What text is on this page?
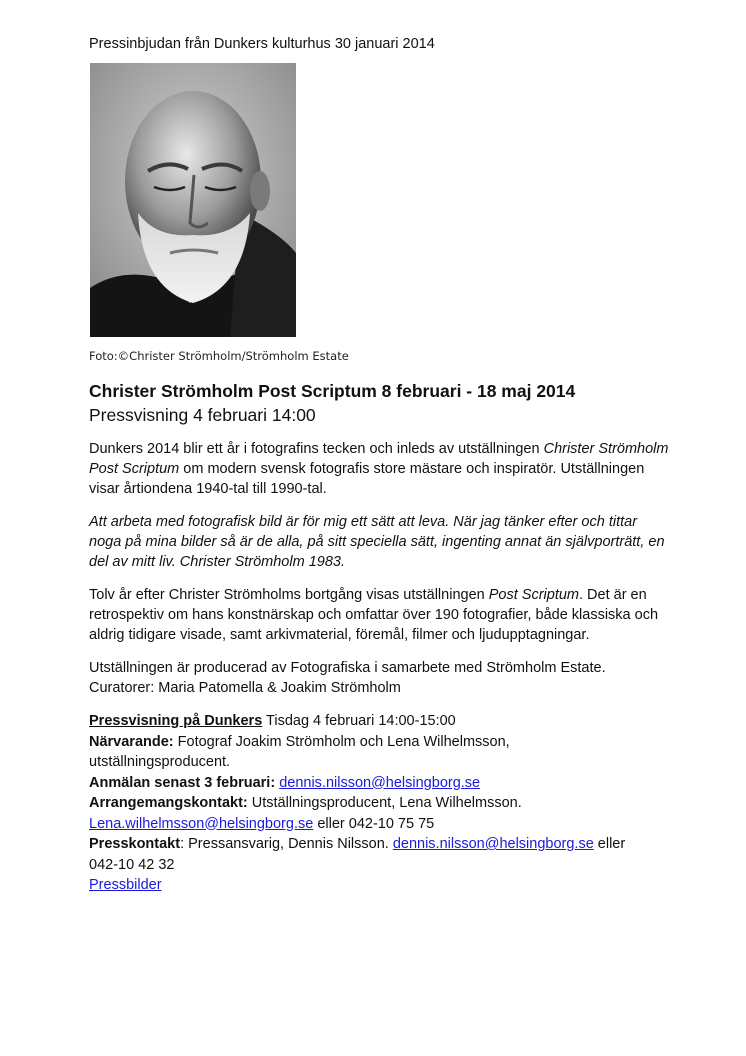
Pressinbjudan från Dunkers kulturhus 30 januari 2014
Foto:©Christer Strömholm/Strömholm Estate
Christer Strömholm Post Scriptum 8 februari - 18 maj 2014
Pressvisning 4 februari 14:00

Dunkers 2014 blir ett år i fotografins tecken och inleds av utställningen Christer Strömholm Post Scriptum om modern svensk fotografis store mästare och inspiratör. Utställningen visar årtiondena 1940-tal till 1990-tal.

Att arbeta med fotografisk bild är för mig ett sätt att leva. När jag tänker efter och tittar noga på mina bilder så är de alla, på sitt speciella sätt, ingenting annat än självporträtt, en del av mitt liv. Christer Strömholm 1983.

Tolv år efter Christer Strömholms bortgång visas utställningen Post Scriptum. Det är en retrospektiv om hans konstnärskap och omfattar över 190 fotografier, både klassiska och aldrig tidigare visade, samt arkivmaterial, föremål, filmer och ljudupptagningar.

Utställningen är producerad av Fotografiska i samarbete med Strömholm Estate.
Curatorer: Maria Patomella & Joakim Strömholm

Pressvisning på Dunkers Tisdag 4 februari 14:00-15:00
Närvarande: Fotograf Joakim Strömholm och Lena Wilhelmsson,
utställningsproducent.
Anmälan senast 3 februari: dennis.nilsson@helsingborg.se
Arrangemangskontakt: Utställningsproducent, Lena Wilhelmsson.
Lena.wilhelmsson@helsingborg.se eller 042-10 75 75
Presskontakt: Pressansvarig, Dennis Nilsson. dennis.nilsson@helsingborg.se eller
042-10 42 32
Pressbilder
